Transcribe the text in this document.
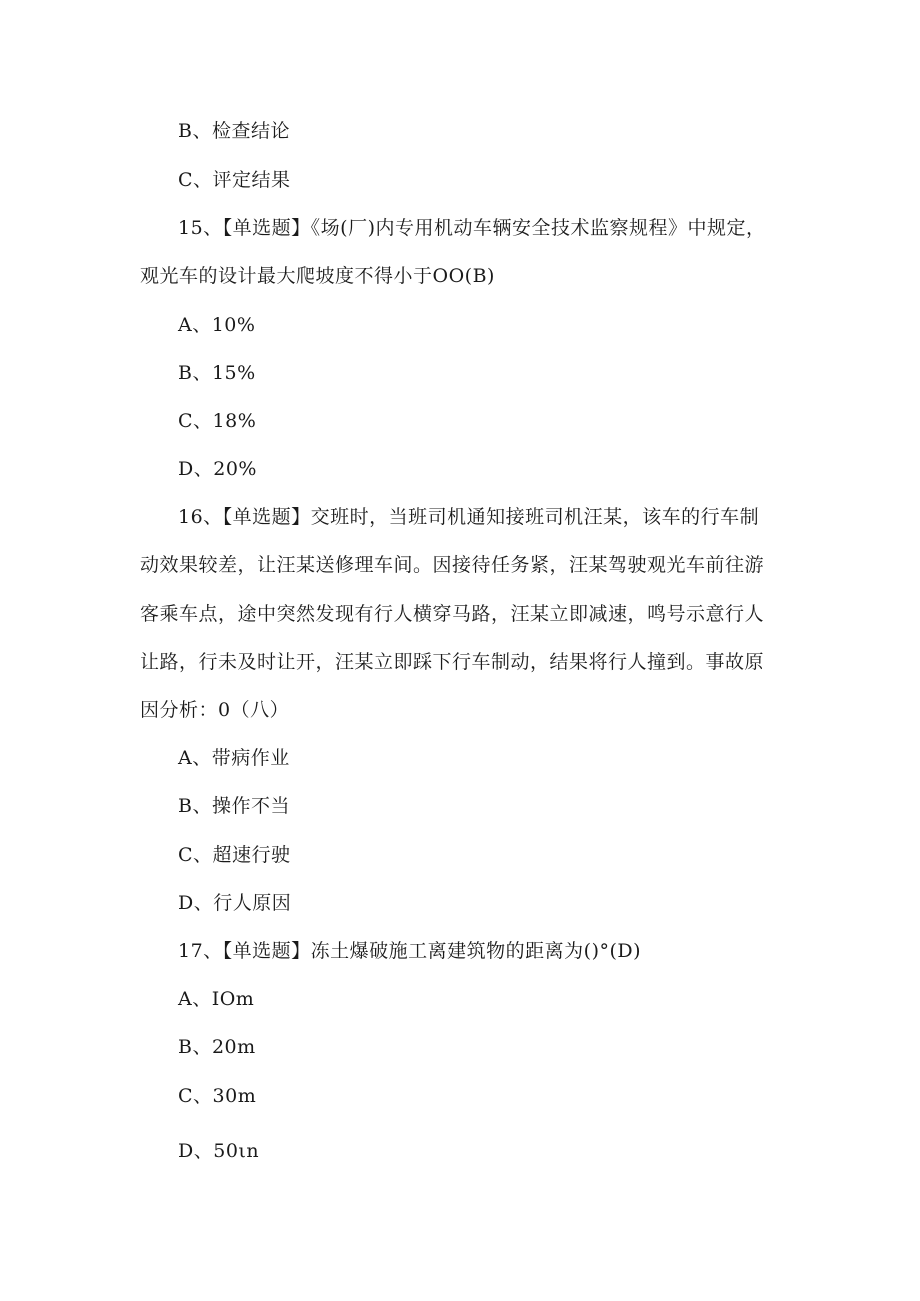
B、检查结论
C、评定结果
15、【单选题】《场(厂)内专用机动车辆安全技术监察规程》中规定，
观光车的设计最大爬坡度不得小于OO(B)
A、10%
B、15%
C、18%
D、20%
16、【单选题】交班时，当班司机通知接班司机汪某，该车的行车制
动效果较差，让汪某送修理车间。因接待任务紧，汪某驾驶观光车前往游
客乘车点，途中突然发现有行人横穿马路，汪某立即减速，鸣号示意行人
让路，行未及时让开，汪某立即踩下行车制动，结果将行人撞到。事故原
因分析：0（八）
A、带病作业
B、操作不当
C、超速行驶
D、行人原因
17、【单选题】冻土爆破施工离建筑物的距离为()°(D)
A、IOm
B、20m
C、30m
D、50ιn
